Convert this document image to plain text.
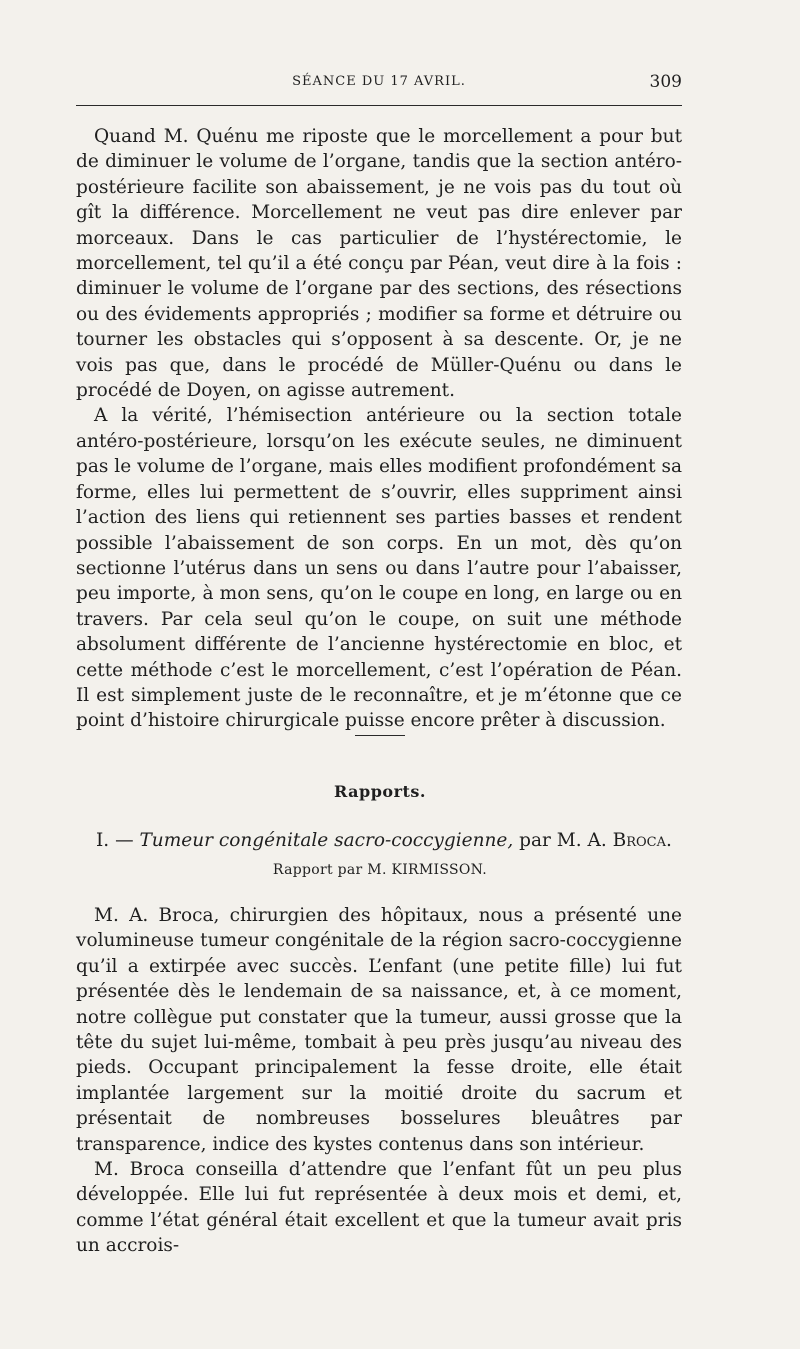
SÉANCE DU 17 AVRIL.	309

Quand M. Quénu me riposte que le morcellement a pour but de diminuer le volume de l’organe, tandis que la section antéro-postérieure facilite son abaissement, je ne vois pas du tout où gît la différence. Morcellement ne veut pas dire enlever par morceaux. Dans le cas particulier de l’hystérectomie, le morcellement, tel qu’il a été conçu par Péan, veut dire à la fois : diminuer le volume de l’organe par des sections, des résections ou des évidements appropriés ; modifier sa forme et détruire ou tourner les obstacles qui s’opposent à sa descente. Or, je ne vois pas que, dans le procédé de Müller-Quénu ou dans le procédé de Doyen, on agisse autrement.

A la vérité, l’hémisection antérieure ou la section totale antéro-postérieure, lorsqu’on les exécute seules, ne diminuent pas le volume de l’organe, mais elles modifient profondément sa forme, elles lui permettent de s’ouvrir, elles suppriment ainsi l’action des liens qui retiennent ses parties basses et rendent possible l’abaissement de son corps. En un mot, dès qu’on sectionne l’utérus dans un sens ou dans l’autre pour l’abaisser, peu importe, à mon sens, qu’on le coupe en long, en large ou en travers. Par cela seul qu’on le coupe, on suit une méthode absolument différente de l’ancienne hystérectomie en bloc, et cette méthode c’est le morcellement, c’est l’opération de Péan. Il est simplement juste de le reconnaître, et je m’étonne que ce point d’histoire chirurgicale puisse encore prêter à discussion.

Rapports.
I. — Tumeur congénitale sacro-coccygienne, par M. A. Broca.
Rapport par M. KIRMISSON.

M. A. Broca, chirurgien des hôpitaux, nous a présenté une volumineuse tumeur congénitale de la région sacro-coccygienne qu’il a extirpée avec succès. L’enfant (une petite fille) lui fut présentée dès le lendemain de sa naissance, et, à ce moment, notre collègue put constater que la tumeur, aussi grosse que la tête du sujet lui-même, tombait à peu près jusqu’au niveau des pieds. Occupant principalement la fesse droite, elle était implantée largement sur la moitié droite du sacrum et présentait de nombreuses bosselures bleuâtres par transparence, indice des kystes contenus dans son intérieur.

M. Broca conseilla d’attendre que l’enfant fût un peu plus développée. Elle lui fut représentée à deux mois et demi, et, comme l’état général était excellent et que la tumeur avait pris un accrois-
